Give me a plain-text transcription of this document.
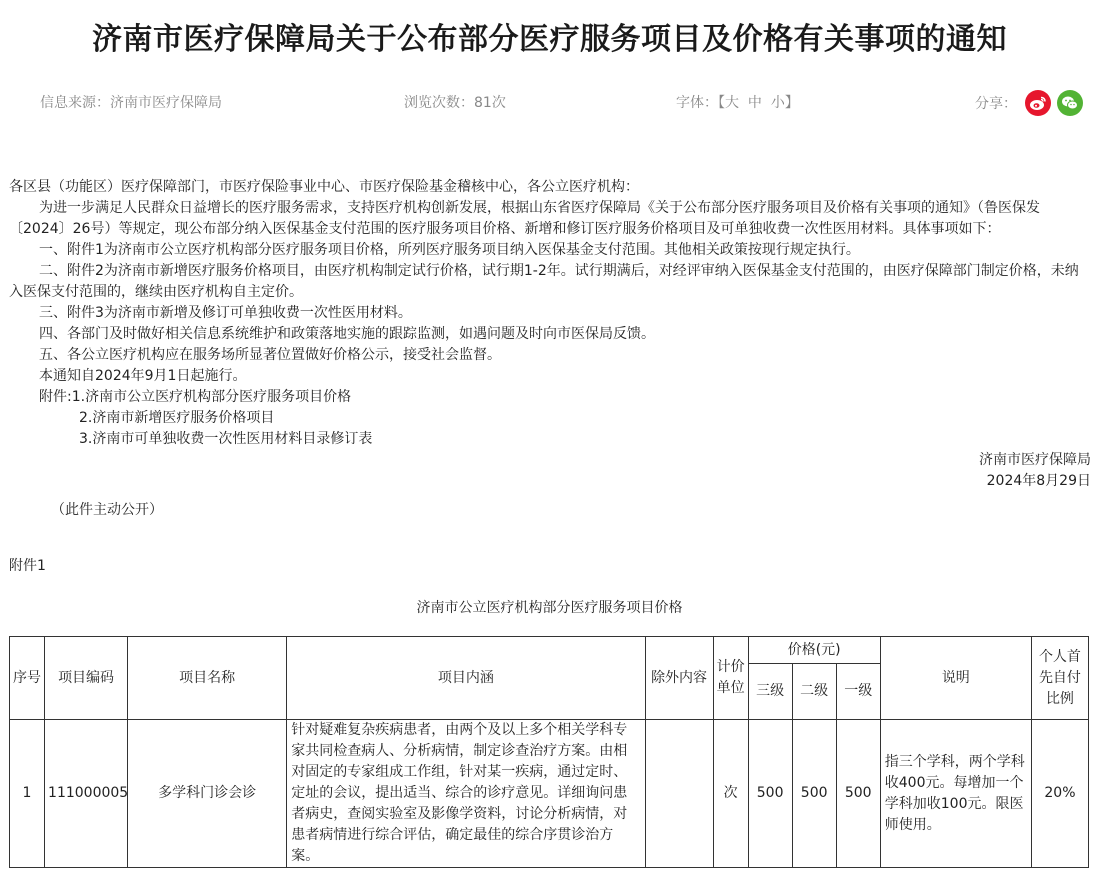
济南市医疗保障局关于公布部分医疗服务项目及价格有关事项的通知
信息来源：济南市医疗保障局	浏览次数：81次	字体：【大 中 小】	分享：

各区县（功能区）医疗保障部门，市医疗保险事业中心、市医疗保险基金稽核中心，各公立医疗机构：

为进一步满足人民群众日益增长的医疗服务需求，支持医疗机构创新发展，根据山东省医疗保障局《关于公布部分医疗服务项目及价格有关事项的通知》（鲁医保发〔2024〕26号）等规定，现公布部分纳入医保基金支付范围的医疗服务项目价格、新增和修订医疗服务价格项目及可单独收费一次性医用材料。具体事项如下：

一、附件1为济南市公立医疗机构部分医疗服务项目价格，所列医疗服务项目纳入医保基金支付范围。其他相关政策按现行规定执行。

二、附件2为济南市新增医疗服务价格项目，由医疗机构制定试行价格，试行期1-2年。试行期满后，对经评审纳入医保基金支付范围的，由医疗保障部门制定价格，未纳入医保支付范围的，继续由医疗机构自主定价。

三、附件3为济南市新增及修订可单独收费一次性医用材料。

四、各部门及时做好相关信息系统维护和政策落地实施的跟踪监测，如遇问题及时向市医保局反馈。

五、各公立医疗机构应在服务场所显著位置做好价格公示，接受社会监督。

本通知自2024年9月1日起施行。

附件:1.济南市公立医疗机构部分医疗服务项目价格

2.济南市新增医疗服务价格项目

3.济南市可单独收费一次性医用材料目录修订表

济南市医疗保障局

2024年8月29日

（此件主动公开）

附件1
济南市公立医疗机构部分医疗服务项目价格
序号	项目编码	项目名称	项目内涵	除外内容	计价单位	价格(元)			说明	个人首先自付比例
						三级	二级	一级		
1	111000005	多学科门诊会诊	针对疑难复杂疾病患者，由两个及以上多个相关学科专家共同检查病人、分析病情，制定诊查治疗方案。由相对固定的专家组成工作组，针对某一疾病，通过定时、定址的会议，提出适当、综合的诊疗意见。详细询问患者病史，查阅实验室及影像学资料，讨论分析病情，对患者病情进行综合评估，确定最佳的综合序贯诊治方案。		次	500	500	500	指三个学科，两个学科收400元。每增加一个学科加收100元。限医师使用。	20%
